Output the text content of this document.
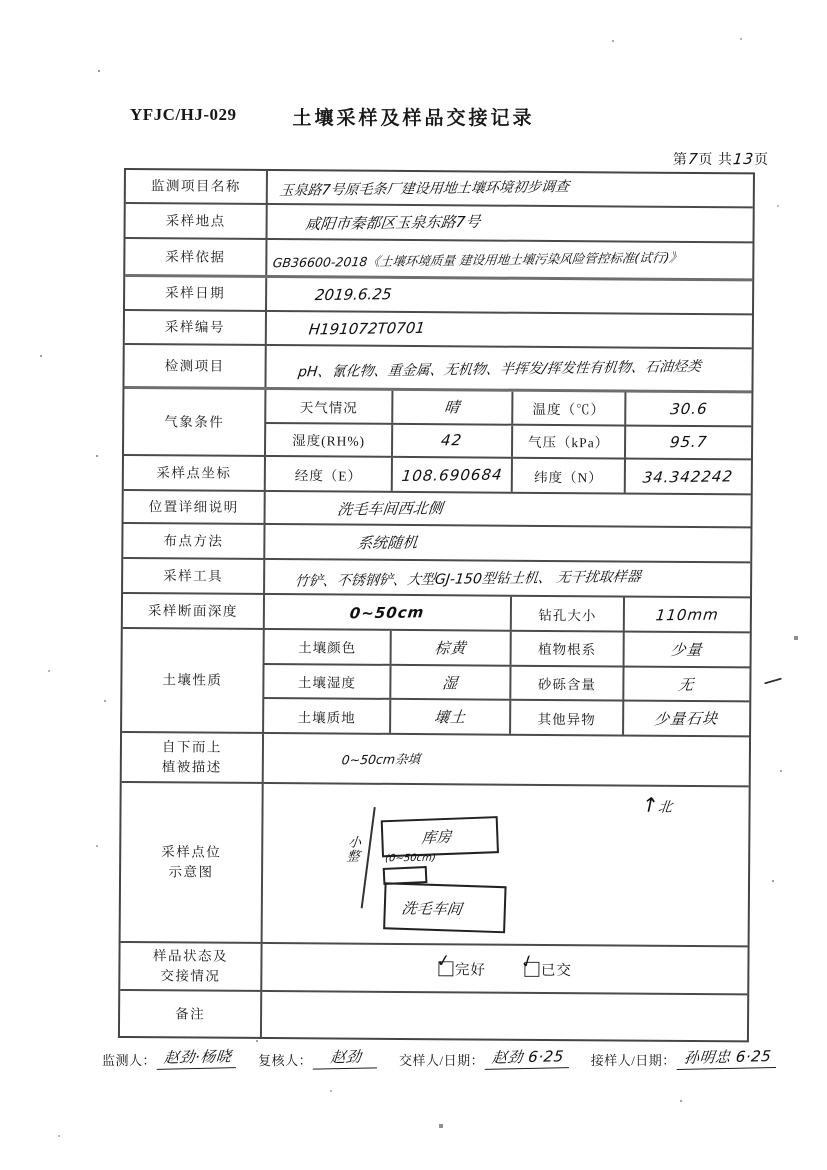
YFJC/HJ-029	土壤采样及样品交接记录
第7页 共13页
监测项目名称	玉泉路7号原毛条厂建设用地土壤环境初步调查
采样地点	咸阳市秦都区玉泉东路7号
采样依据	GB36600-2018《土壤环境质量 建设用地土壤污染风险管控标准(试行)》
采样日期	2019.6.25
采样编号	H191072T0701
检测项目	pH、氰化物、重金属、无机物、半挥发/挥发性有机物、石油烃类
气象条件
天气情况	晴	温度（℃）	30.6
湿度(RH%)	42	气压（kPa）	95.7
采样点坐标	经度（E）	108.690684	纬度（N）	34.342242
位置详细说明	洗毛车间西北侧
布点方法	系统随机
采样工具	竹铲、不锈钢铲、大型GJ-150型钻土机、 无干扰取样器
采样断面深度	0~50cm	钻孔大小	110mm
土壤性质
土壤颜色	棕黄	植物根系	少量
土壤湿度	湿	砂砾含量	无
土壤质地	壤土	其他异物	少量石块
自下而上
植被描述	0~50cm杂填
采样点位
示意图
↑北
库房
(0~50cm)
洗毛车间
小
整
样品状态及
交接情况
✓ 完好 ✓ 已交
备注
监测人： 赵劲·杨晓	复核人：	赵劲	交样人/日期： 赵劲 6·25	接样人/日期： 孙明忠 6·25
